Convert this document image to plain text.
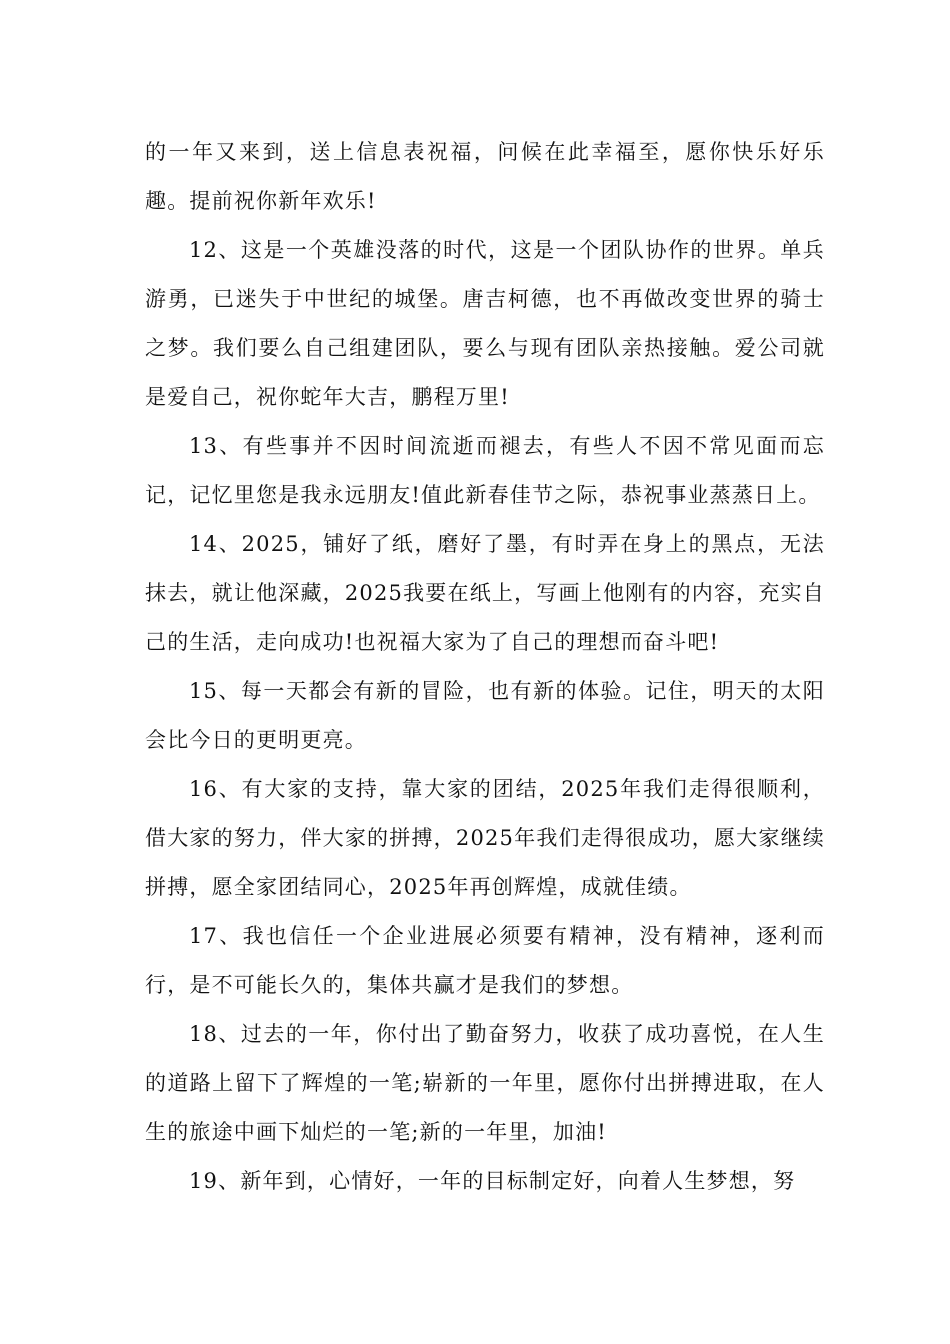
的一年又来到，送上信息表祝福，问候在此幸福至，愿你快乐好乐趣。提前祝你新年欢乐!

12、这是一个英雄没落的时代，这是一个团队协作的世界。单兵游勇，已迷失于中世纪的城堡。唐吉柯德，也不再做改变世界的骑士之梦。我们要么自己组建团队，要么与现有团队亲热接触。爱公司就是爱自己，祝你蛇年大吉，鹏程万里!

13、有些事并不因时间流逝而褪去，有些人不因不常见面而忘记，记忆里您是我永远朋友!值此新春佳节之际，恭祝事业蒸蒸日上。

14、2025，铺好了纸，磨好了墨，有时弄在身上的黑点，无法抹去，就让他深藏，2025我要在纸上，写画上他刚有的内容，充实自己的生活，走向成功!也祝福大家为了自己的理想而奋斗吧!

15、每一天都会有新的冒险，也有新的体验。记住，明天的太阳会比今日的更明更亮。

16、有大家的支持，靠大家的团结，2025年我们走得很顺利，借大家的努力，伴大家的拼搏，2025年我们走得很成功，愿大家继续拼搏，愿全家团结同心，2025年再创辉煌，成就佳绩。

17、我也信任一个企业进展必须要有精神，没有精神，逐利而行，是不可能长久的，集体共赢才是我们的梦想。

18、过去的一年，你付出了勤奋努力，收获了成功喜悦，在人生的道路上留下了辉煌的一笔;崭新的一年里，愿你付出拼搏进取，在人生的旅途中画下灿烂的一笔;新的一年里，加油!

19、新年到，心情好，一年的目标制定好，向着人生梦想，努
